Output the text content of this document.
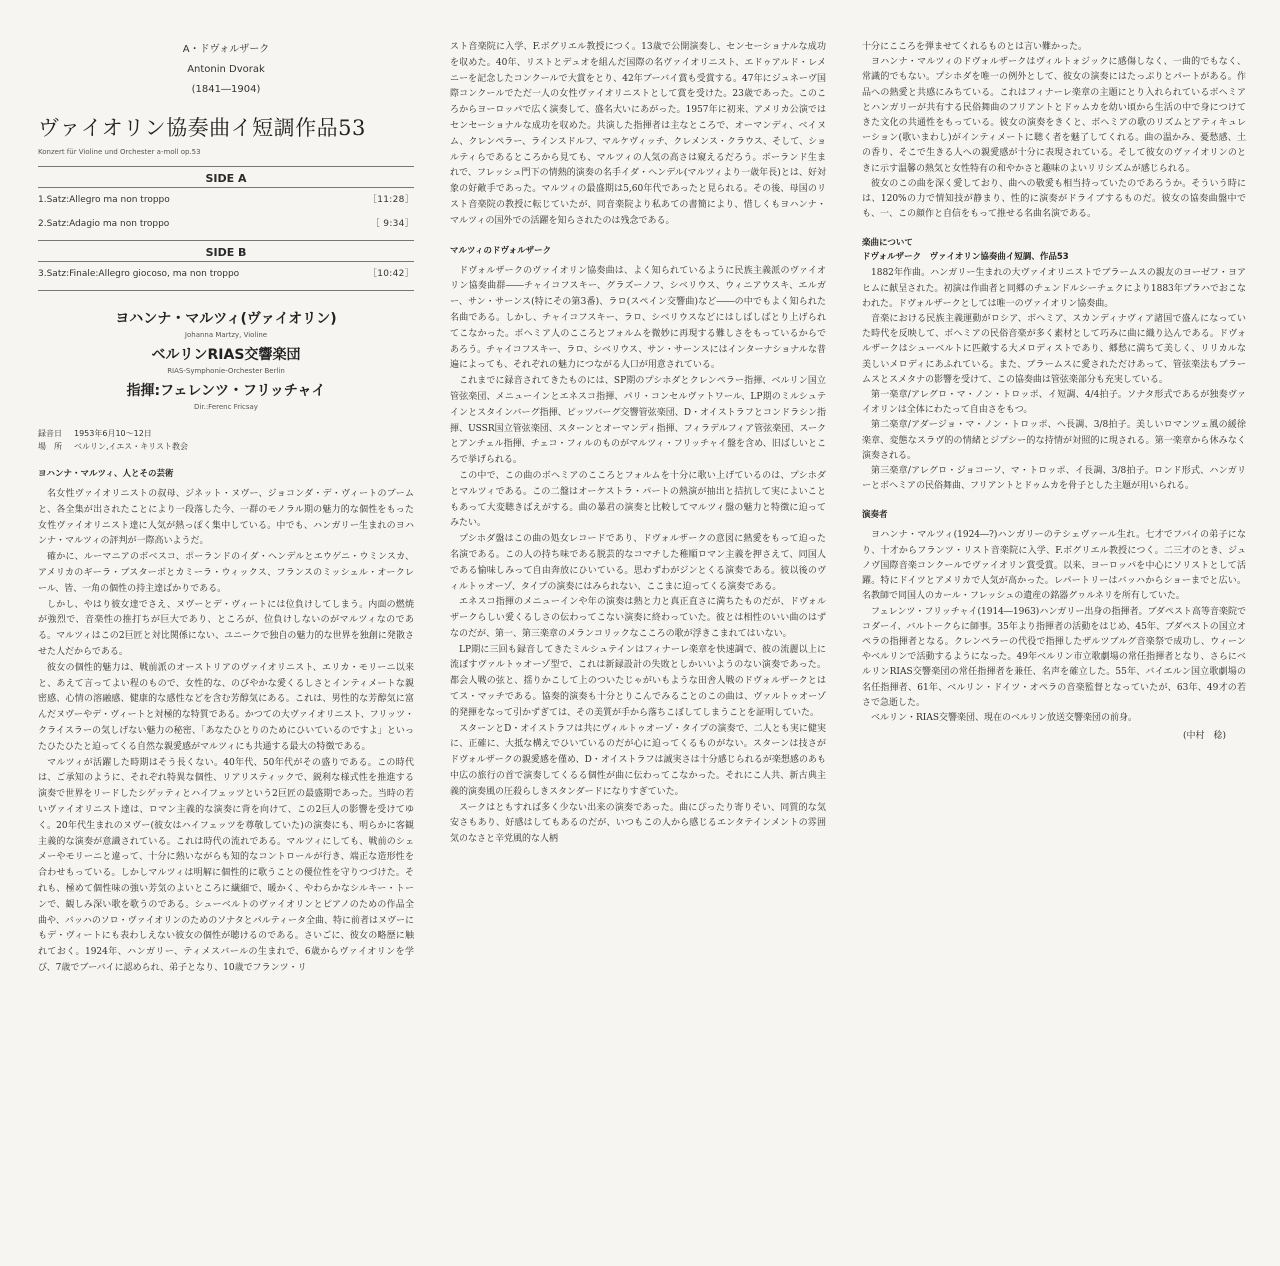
A・ドヴォルザーク
Antonin Dvorak
(1841―1904)
ヴァイオリン協奏曲イ短調作品53
Konzert für Violine und Orchester a-moll op.53
SIDE A
1.Satz:Allegro ma non troppo	［11:28］
2.Satz:Adagio ma non troppo	［ 9:34］
SIDE B
3.Satz:Finale:Allegro giocoso, ma non troppo	［10:42］
ヨハンナ・マルツィ(ヴァイオリン)
Johanna Martzy, Violine
ベルリンRIAS交響楽団
RIAS-Symphonie-Orchester Berlin
指揮:フェレンツ・フリッチャイ
Dir.:Ferenc Fricsay
録音日	1953年6月10～12日
場　所	ベルリン,イエス・キリスト教会
ヨハンナ・マルツィ、人とその芸術

名女性ヴァイオリニストの叔母、ジネット・ヌヴー、ジョコンダ・デ・ヴィートのブームと、各全集が出されたことにより一段落した今、一群のモノラル期の魅力的な個性をもった女性ヴァイオリニスト達に人気が熱っぽく集中している。中でも、ハンガリー生まれのヨハンナ・マルツィの評判が一際高いようだ。

確かに、ルーマニアのボベスコ、ポーランドのイダ・ヘンデルとエウゲニ・ウミンスカ、アメリカのギーラ・ブスターボとカミーラ・ウィックス、フランスのミッシェル・オークレール、皆、一角の個性の持主達ばかりである。

しかし、やはり彼女達でさえ、ヌヴーとデ・ヴィートには位負けしてしまう。内面の燃焼が強烈で、音楽性の推打ちが巨大であり、ところが、位負けしないのがマルツィなのである。マルツィはこの2巨匠と対比関係にない、ユニークで独自の魅力的な世界を独創に発散させた人だからである。

彼女の個性的魅力は、戦前派のオーストリアのヴァイオリニスト、エリカ・モリーニ以来と、あえて言ってよい程のもので、女性的な、のびやかな愛くるしさとインティメートな親密感、心情の溶融感、健康的な感性などを含む芳醇気にある。これは、男性的な芳醇気に富んだヌヴーやデ・ヴィートと対極的な特質である。かつての大ヴァイオリニスト、フリッツ・クライスラーの気しげない魅力の秘密、「あなたひとりのためにひいているのですよ」といったひたひたと迫ってくる自然な親愛感がマルツィにも共通する最大の特徴である。

マルツィが活躍した時期はそう長くない。40年代、50年代がその盛りである。この時代は、ご承知のように、それぞれ特異な個性、リアリスティックで、鋭利な様式性を推進する演奏で世界をリードしたシゲッティとハイフェッツという2巨匠の最盛期であった。当時の若いヴァイオリニスト達は、ロマン主義的な演奏に背を向けて、この2巨人の影響を受けてゆく。20年代生まれのヌヴー(彼女はハイフェッツを尊敬していた)の演奏にも、明らかに客観主義的な演奏が意識されている。これは時代の流れである。マルツィにしても、戦前のシェメーやモリーニと違って、十分に熱いながらも知的なコントロールが行き、端正な造形性を合わせもっている。しかしマルツィは明解に個性的に歌うことの優位性を守りつづけた。それも、極めて個性味の強い芳気のよいところに繊細で、暖かく、やわらかなシルキー・トーンで、観しみ深い歌を歌うのである。シューベルトのヴァイオリンとピアノのための作品全曲や、バッハのソロ・ヴァイオリンのためのソナタとパルティータ全曲、特に前者はヌヴーにもデ・ヴィートにも表わしえない彼女の個性が聴けるのである。さいごに、彼女の略歴に触れておく。1924年、ハンガリー、ティメスバールの生まれで、6歳からヴァイオリンを学び、7歳でブーバイに認められ、弟子となり、10歳でフランツ・リ

スト音楽院に入学、F.ボグリエル教授につく。13歳で公開演奏し、センセーショナルな成功を収めた。40年、リストとデュオを組んだ国際の名ヴァイオリニスト、エドゥアルド・レメニーを記念したコンクールで大賞をとり、42年ブーバイ賞も受賞する。47年にジュネーヴ国際コンクールでただ一人の女性ヴァイオリニストとして賞を受けた。23歳であった。このころからヨーロッパで広く演奏して、盛名大いにあがった。1957年に初来、アメリカ公演ではセンセーショナルな成功を収めた。共演した指揮者は主なところで、オーマンディ、ベイヌム、クレンペラー、ラインスドルフ、マルケヴィッチ、クレメンス・クラウス、そして、ショルティらであるところから見ても、マルツィの人気の高さは窺えるだろう。ボーランド生まれで、フレッシュ門下の情熱的演奏の名手イダ・ヘンデル(マルツィより一歳年長)とは、好対象の好敵手であった。マルツィの最盛期は5,60年代であったと見られる。その後、母国のリスト音楽院の教授に転じていたが、同音楽院より私あての書簡により、惜しくもヨハンナ・マルツィの国外での活躍を知らされたのは残念である。

マルツィのドヴォルザーク

ドヴォルザークのヴァイオリン協奏曲は、よく知られているように民族主義派のヴァイオリン協奏曲群――チャイコフスキー、グラズーノフ、シベリウス、ウィニアウスキ、エルガー、サン・サーンス(特にその第3番)、ラロ(スペイン交響曲)など――の中でもよく知られた名曲である。しかし、チャイコフスキー、ラロ、シベリウスなどにはしばしばとり上げられてこなかった。ボヘミア人のこころとフォルムを微妙に再現する難しさをもっているからであろう。チャイコフスキー、ラロ、シベリウス、サン・サーンスにはインターナショナルな普遍によっても、それぞれの魅力につながる人口が用意されている。

これまでに録音されてきたものには、SP期のプシホダとクレンペラー指揮、ベルリン国立管弦楽団、メニューインとエネスコ指揮、パリ・コンセルヴァトワール、LP期のミルシュテインとスタインバーグ指揮、ピッツバーグ交響管弦楽団、D・オイストラフとコンドラシン指揮、USSR国立管弦楽団、スターンとオーマンディ指揮、フィラデルフィア管弦楽団、スークとアンチェル指揮、チェコ・フィルのものがマルツィ・フリッチャイ盤を含め、旧ばしいところで挙げられる。

この中で、この曲のボヘミアのこころとフォルムを十分に歌い上げているのは、プシホダとマルツィである。この二盤はオーケストラ・パートの熱演が抽出と拮抗して実によいこともあって大変聴きばえがする。曲の暴君の演奏と比較してマルツィ盤の魅力と特徴に迫ってみたい。

プシホダ盤はこの曲の処女レコードであり、ドヴォルザークの意図に熱愛をもって迫った名演である。この人の持ち味である脱芸的なコマチした稚順ロマン主義を押さえて、同国人である愉味しみって自由奔放にひいている。思わずわがジンとくる演奏である。彼以後のヴィルトゥオーゾ、タイプの演奏にはみられない、ここまに迫ってくる演奏である。

エネスコ指揮のメニューインや年の演奏は熱と力と真正直さに満ちたものだが、ドヴォルザークらしい愛くるしさの伝わってこない演奏に終わっていた。彼とは相性のいい曲のはずなのだが、第一、第三楽章のメランコリックなこころの歌が浮きこまれてはいない。

LP期に三回も録音してきたミルシュテインはフィナーレ楽章を快速調で、彼の流麗以上に流ぼすヴァルトゥオーゾ型で、これは新録設計の失敗としかいいようのない演奏であった。都会人戦の弦と、揺りかこして上のついたじゃがいもような田舎人戦のドヴォルザークとはてス・マッチである。協奏的演奏も十分とりこんでみることのこの曲は、ヴァルトゥオーゾ的発揮をなって引かずぎては、その美質が手から落ちこぼしてしまうことを証明していた。

スターンとD・オイストラフは共にヴィルトゥオーゾ・タイプの演奏で、二人とも実に健実に、正確に、大抵な構えでひいているのだが心に迫ってくるものがない。スターンは技さがドヴォルザークの親愛感を僅め、D・オイストラフは誠実さは十分感じられるが楽想感のあも中広の旅行の首で演奏してくるる個性が曲に伝わってこなかった。それにこ人共、新古典主義的演奏風の圧殺らしきスタンダードになりすぎていた。

スークはともすれば多く少ない出来の演奏であった。曲にぴったり寄りそい、同質的な気安さもあり、好感はしてもあるのだが、いつもこの人から感じるエンタテインメントの雰囲気のなさと辛党風的な人柄

十分にこころを弾ませてくれるものとは言い難かった。

ヨハンナ・マルツィのドヴォルザークはヴィルトォジックに感傷しなく、一曲的でもなく、常識的でもない。プシホダを唯一の例外として、彼女の演奏にはたっぷりとパートがある。作品への熱愛と共感にみちている。これはフィナーレ楽章の主題にとり入れられているボヘミアとハンガリーが共有する民俗舞曲のフリアントとドゥムカを幼い頃から生活の中で身につけてきた文化の共通性をもっている。彼女の演奏をきくと、ボヘミアの歌のリズムとアティキュレーション(歌いまわし)がインティメートに聴く者を魅了してくれる。曲の温かみ、憂愁感、土の香り、そこで生きる人への親愛感が十分に表現されている。そして彼女のヴァイオリンのときに示す温馨の熱気と女性特有の和やかさと趣味のよいリリシズムが感じられる。

彼女のこの曲を深く愛しており、曲への敬愛も相当持っていたのであろうか。そういう時には、120%の力で情知技が静まり、性的に演奏がドライブするものだ。彼女の協奏曲盤中でも、一、この顔作と自信をもって推せる名曲名演である。

楽曲について
ドヴォルザーク　ヴァイオリン協奏曲イ短調、作品53

1882年作曲。ハンガリー生まれの大ヴァイオリニストでブラームスの親友のヨーゼフ・ヨアヒムに献呈された。初演は作曲者と同郷のチェンドルシーチェクにより1883年プラハでおこなわれた。ドヴォルザークとしては唯一のヴァイオリン協奏曲。

音楽における民族主義運動がロシア、ボヘミア、スカンディナヴィア諸国で盛んになっていた時代を反映して、ボヘミアの民俗音楽が多く素材として巧みに曲に織り込んである。ドヴォルザークはシューベルトに匹敵する大メロディストであり、郷愁に満ちて美しく、リリカルな美しいメロディにあふれている。また、ブラームスに愛されただけあって、管弦楽法もブラームスとスメタナの影響を受けて、この協奏曲は管弦楽部分も充実している。

第一楽章/アレグロ・マ・ノン・トロッポ、イ短調、4/4拍子。ソナタ形式であるが独奏ヴァイオリンは全体にわたって自由さをもつ。

第二楽章/アダージョ・マ・ノン・トロッポ、ヘ長調、3/8拍子。美しいロマンツェ風の緩徐楽章、変態なスラヴ的の情緒とジプシー的な持情が対照的に現される。第一楽章から休みなく演奏される。

第三楽章/アレグロ・ジョコーソ、マ・トロッポ、イ長調、3/8拍子。ロンド形式、ハンガリーとボヘミアの民俗舞曲、フリアントとドゥムカを骨子とした主題が用いられる。

演奏者

ヨハンナ・マルツィ(1924―?)ハンガリーのテシェヴァール生れ。七才でフバイの弟子になり、十才からフランツ・リスト音楽院に入学、F.ボグリエル教授につく。二三才のとき、ジュノヴ国際音楽コンクールでヴァイオリン賞受賞。以来、ヨーロッパを中心にソリストとして活躍。特にドイツとアメリカで人気が高かった。レパートリーはバッハからショーまでと広い。名教師で同国人のカール・フレッシュの遺産の銘器グヮルネリを所有していた。

フェレンツ・フリッチャイ(1914―1963)ハンガリー出身の指揮者。ブダペスト高等音楽院でコダーイ、バルトークらに師事。35年より指揮者の活動をはじめ、45年、ブダペストの国立オペラの指揮者となる。クレンペラーの代役で指揮したザルツブルグ音楽祭で成功し、ウィーンやベルリンで活動するようになった。49年ベルリン市立歌劇場の常任指揮者となり、さらにベルリンRIAS交響楽団の常任指揮者を兼任、名声を確立した。55年、バイエルン国立歌劇場の名任指揮者、61年、ベルリン・ドイツ・オペラの音楽監督となっていたが、63年、49才の若さで急逝した。

ベルリン・RIAS交響楽団、現在のベルリン放送交響楽団の前身。

(中村　稔)
